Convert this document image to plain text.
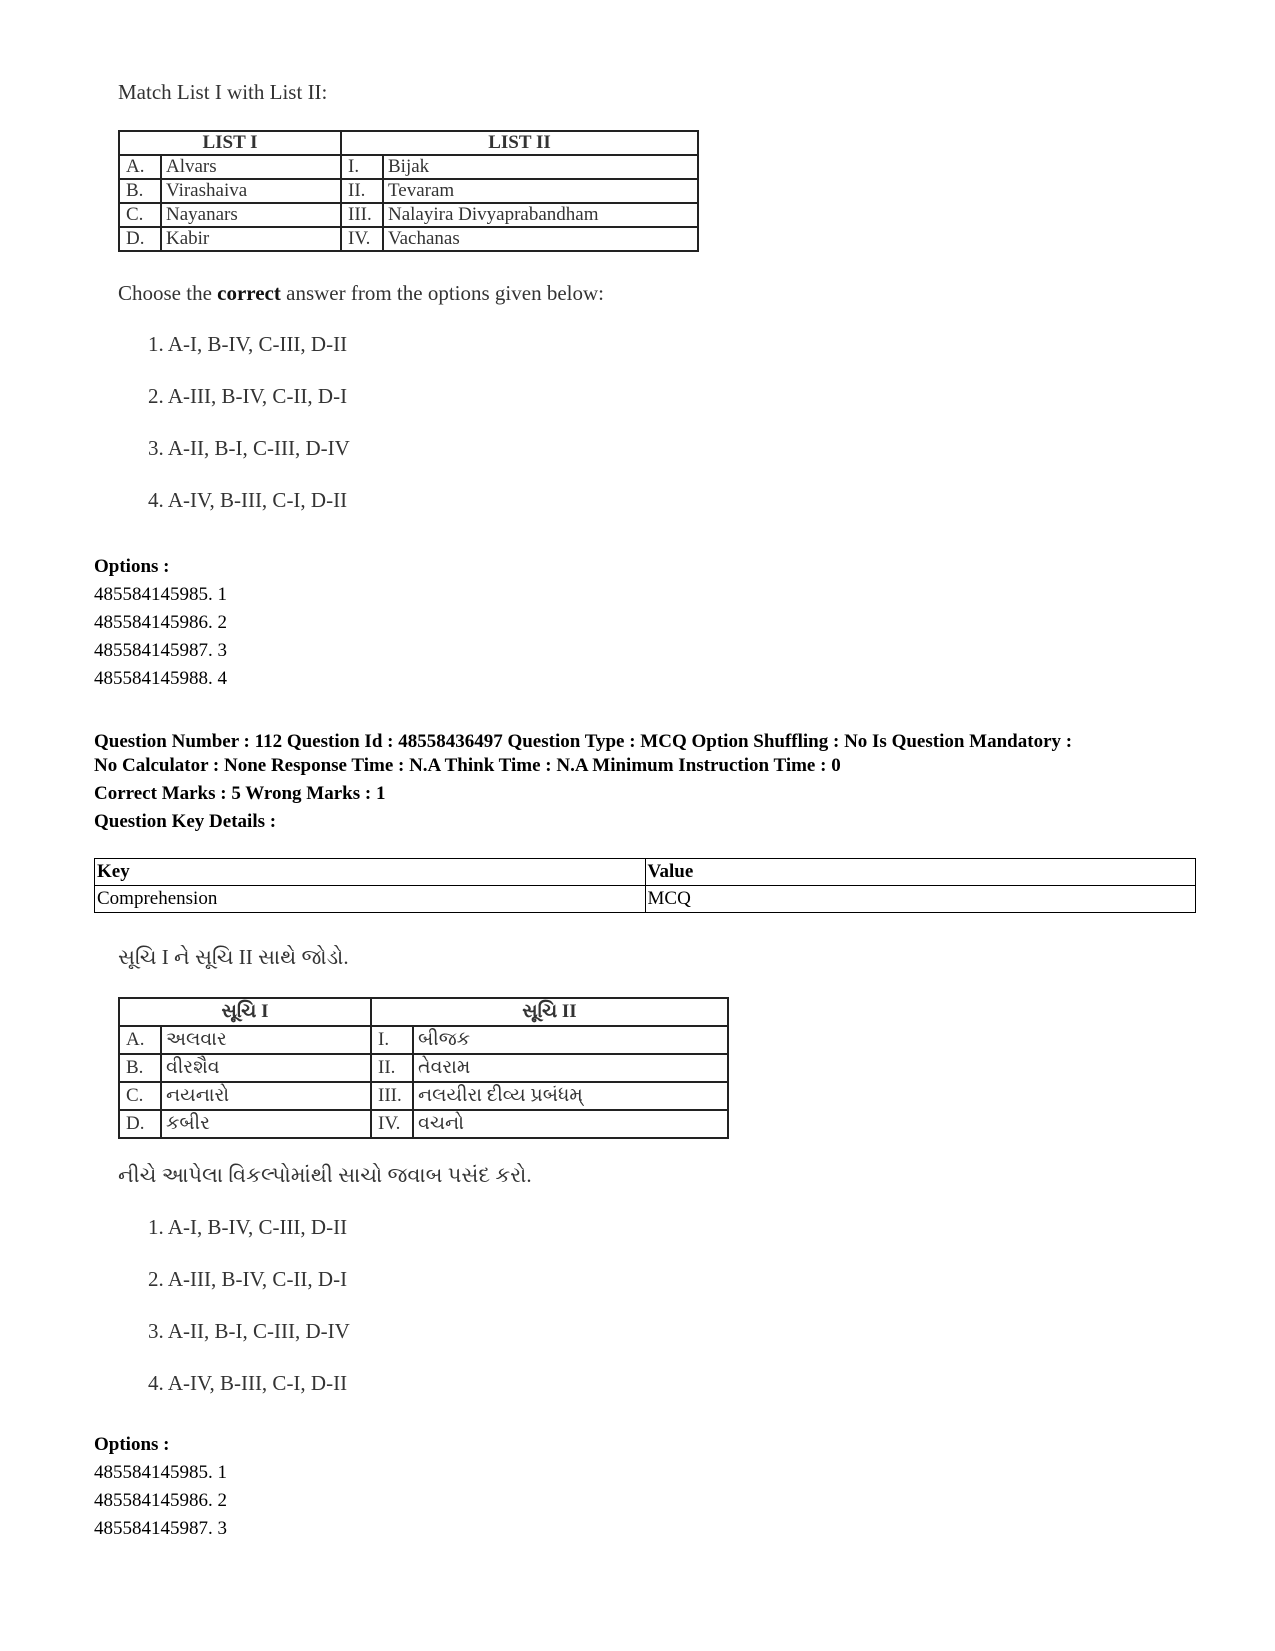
Match List I with List II:
LIST I		LIST II	
A.	Alvars	I.	Bijak
B.	Virashaiva	II.	Tevaram
C.	Nayanars	III.	Nalayira Divyaprabandham
D.	Kabir	IV.	Vachanas
Choose the correct answer from the options given below:
1. A-I, B-IV, C-III, D-II
2. A-III, B-IV, C-II, D-I
3. A-II, B-I, C-III, D-IV
4. A-IV, B-III, C-I, D-II
Options :
485584145985. 1
485584145986. 2
485584145987. 3
485584145988. 4
Question Number : 112 Question Id : 48558436497 Question Type : MCQ Option Shuffling : No Is Question Mandatory :
No Calculator : None Response Time : N.A Think Time : N.A Minimum Instruction Time : 0
Correct Marks : 5 Wrong Marks : 1
Question Key Details :
Key	Value
Comprehension	MCQ
સૂચિ I ને સૂચિ II સાથે જોડો.
સૂચિ I		સૂચિ II	
A.	અલવાર	I.	બીજક
B.	વીરશૈવ	II.	તેવરામ
C.	નયનારો	III.	નલયીરા દીવ્ય પ્રબંધમ્
D.	કબીર	IV.	વચનો
નીચે આપેલા વિકલ્પોમાંથી સાચો જવાબ પસંદ કરો.
1. A-I, B-IV, C-III, D-II
2. A-III, B-IV, C-II, D-I
3. A-II, B-I, C-III, D-IV
4. A-IV, B-III, C-I, D-II
Options :
485584145985. 1
485584145986. 2
485584145987. 3
